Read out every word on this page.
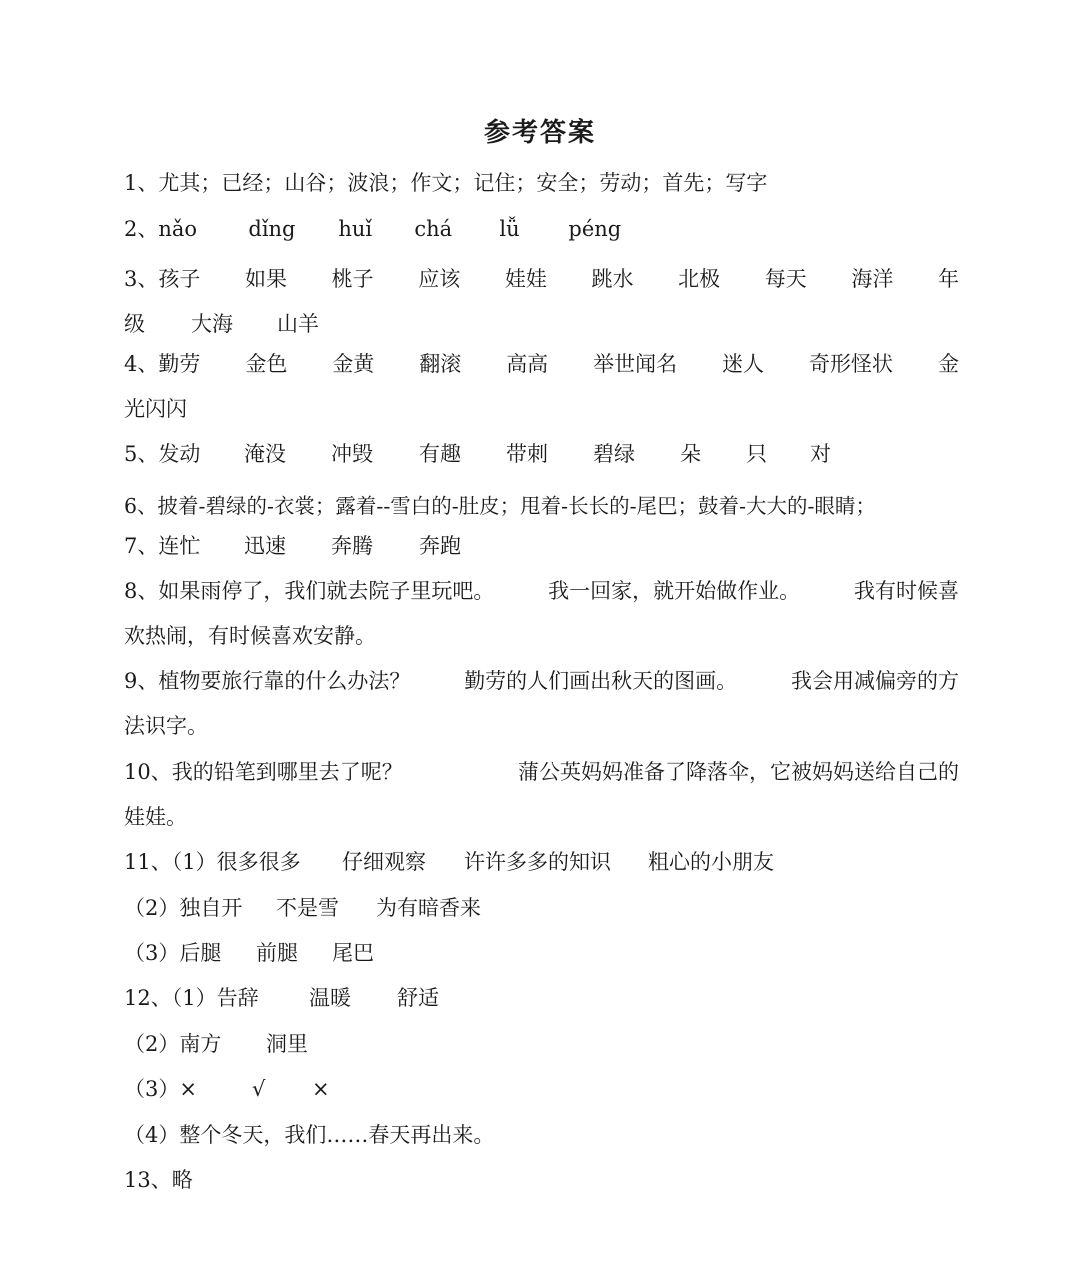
参考答案
1、尤其；已经；山谷；波浪；作文；记住；安全；劳动；首先；写字
2、 nǎo	dǐng	huǐ	chá	lǚ	péng
3、孩子 如果 桃子 应该 娃娃 跳水 北极 每天 海洋 年
级 大海 山羊
4、勤劳 金色 金黄 翻滚 高高 举世闻名 迷人 奇形怪状 金
光闪闪
5、发动	淹没	冲毁	有趣	带刺	碧绿	朵	只	对
6、披着-碧绿的-衣裳；露着--雪白的-肚皮；甩着-长长的-尾巴；鼓着-大大的-眼睛；
7、连忙	迅速	奔腾	奔跑
8、如果雨停了，我们就去院子里玩吧。	我一回家，就开始做作业。	我有时候喜
欢热闹，有时候喜欢安静。
9、植物要旅行靠的什么办法？	勤劳的人们画出秋天的图画。	我会用减偏旁的方
法识字。
10、我的铅笔到哪里去了呢？	蒲公英妈妈准备了降落伞，它被妈妈送给自己的
娃娃。
11、（1）很多很多	仔细观察	许许多多的知识	粗心的小朋友
（2）独自开	不是雪	为有暗香来
（3）后腿	前腿	尾巴
12、（1）告辞	温暖	舒适
（2）南方	洞里
（3）×	√	×
（4）整个冬天，我们……春天再出来。
13、略
